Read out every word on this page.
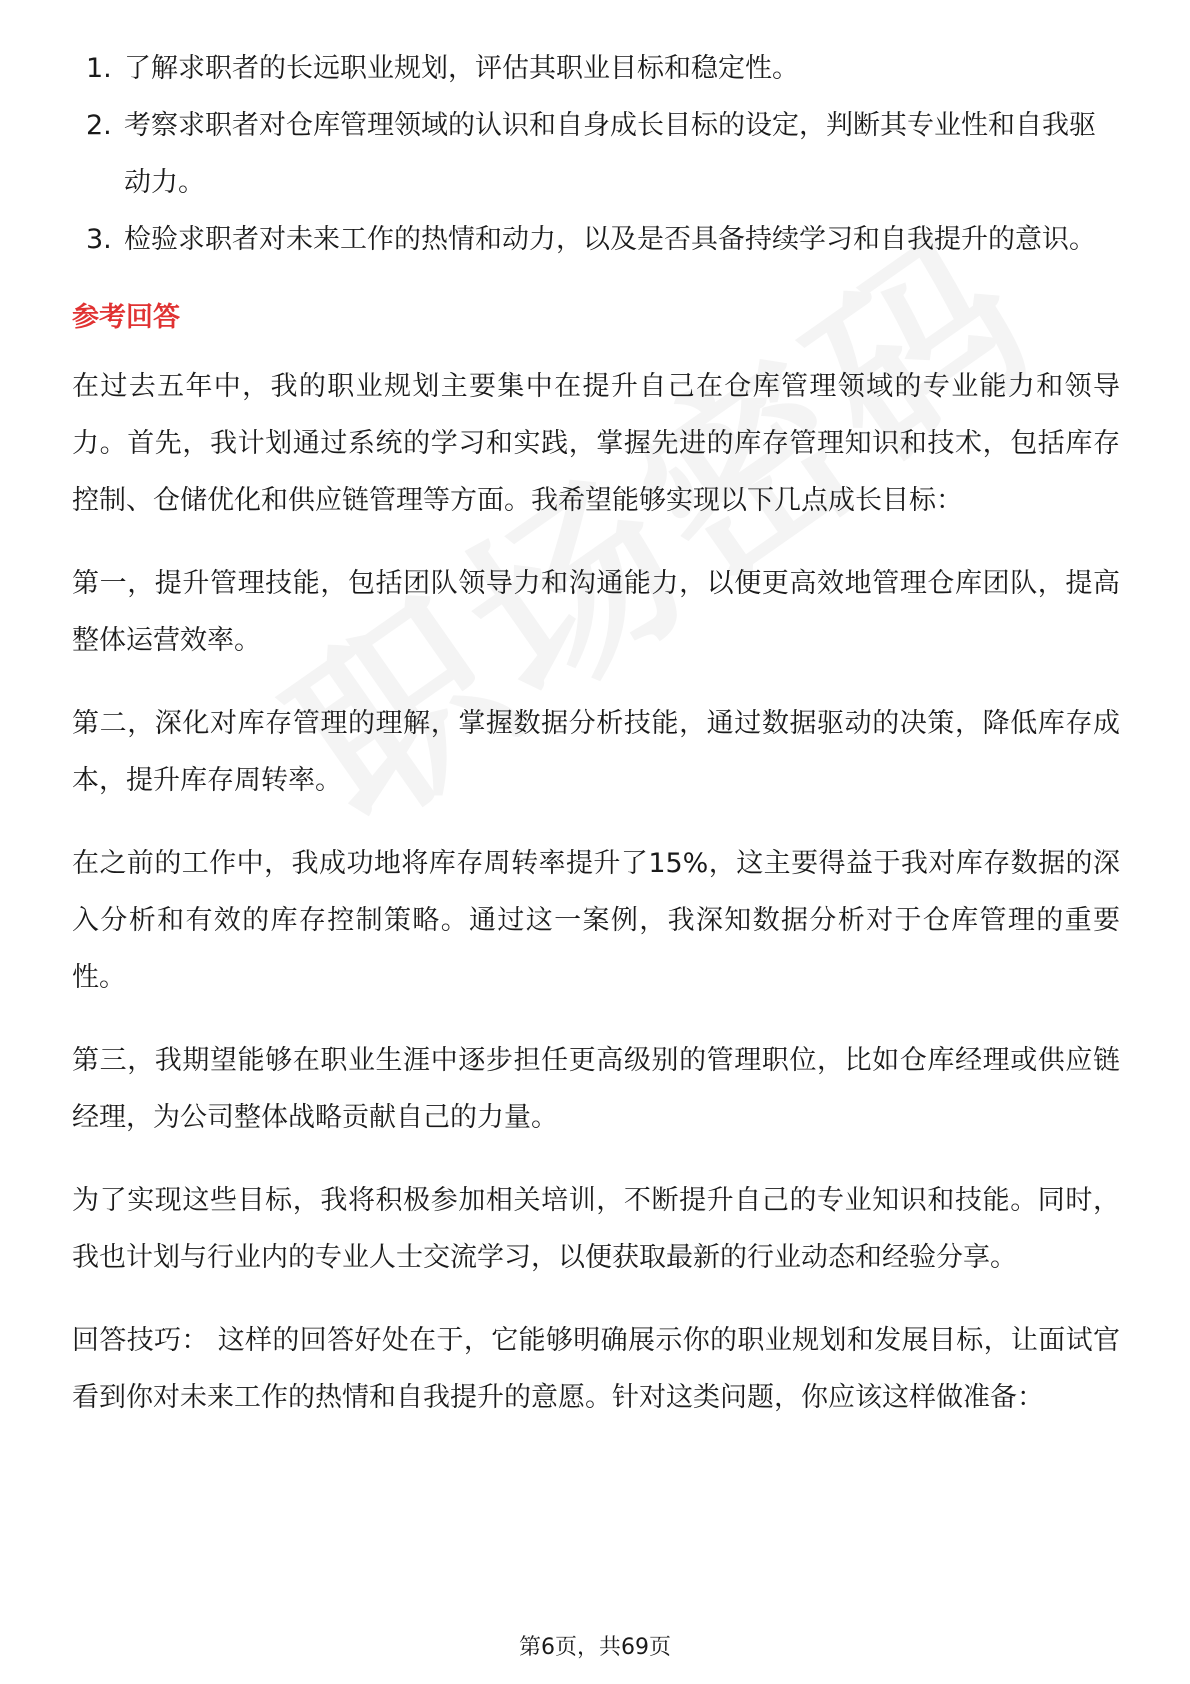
1. 了解求职者的长远职业规划，评估其职业目标和稳定性。
2. 考察求职者对仓库管理领域的认识和自身成长目标的设定，判断其专业性和自我驱动力。
3. 检验求职者对未来工作的热情和动力，以及是否具备持续学习和自我提升的意识。
参考回答

在过去五年中，我的职业规划主要集中在提升自己在仓库管理领域的专业能力和领导力。首先，我计划通过系统的学习和实践，掌握先进的库存管理知识和技术，包括库存控制、仓储优化和供应链管理等方面。我希望能够实现以下几点成长目标：

第一，提升管理技能，包括团队领导力和沟通能力，以便更高效地管理仓库团队，提高整体运营效率。

第二，深化对库存管理的理解，掌握数据分析技能，通过数据驱动的决策，降低库存成本，提升库存周转率。

在之前的工作中，我成功地将库存周转率提升了15%，这主要得益于我对库存数据的深入分析和有效的库存控制策略。通过这一案例，我深知数据分析对于仓库管理的重要性。

第三，我期望能够在职业生涯中逐步担任更高级别的管理职位，比如仓库经理或供应链经理，为公司整体战略贡献自己的力量。

为了实现这些目标，我将积极参加相关培训，不断提升自己的专业知识和技能。同时，我也计划与行业内的专业人士交流学习，以便获取最新的行业动态和经验分享。

回答技巧： 这样的回答好处在于，它能够明确展示你的职业规划和发展目标，让面试官看到你对未来工作的热情和自我提升的意愿。针对这类问题，你应该这样做准备：

第6页，共69页
